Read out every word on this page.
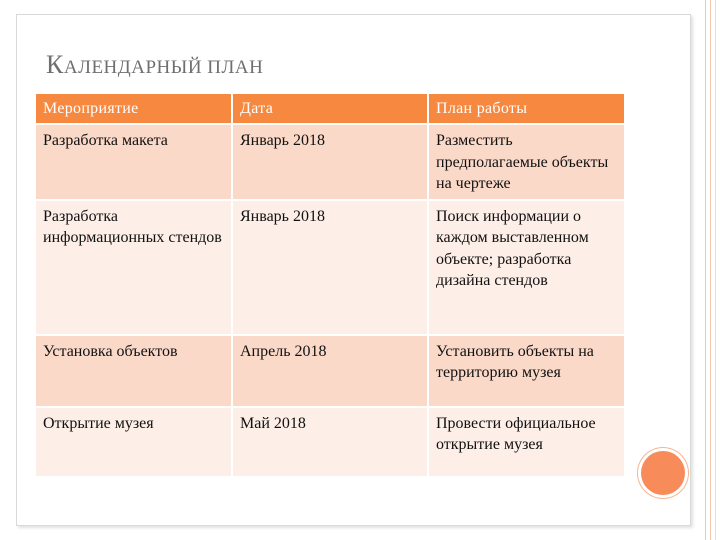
КАЛЕНДАРНЫЙ ПЛАН
Мероприятие	Дата	План работы
Разработка макета	Январь 2018	Разместить предполагаемые объекты на чертеже
Разработка информационных стендов	Январь 2018	Поиск информации о каждом выставленном объекте; разработка дизайна стендов
Установка объектов	Апрель 2018	Установить объекты на территорию музея
Открытие музея	Май 2018	Провести официальное открытие музея
